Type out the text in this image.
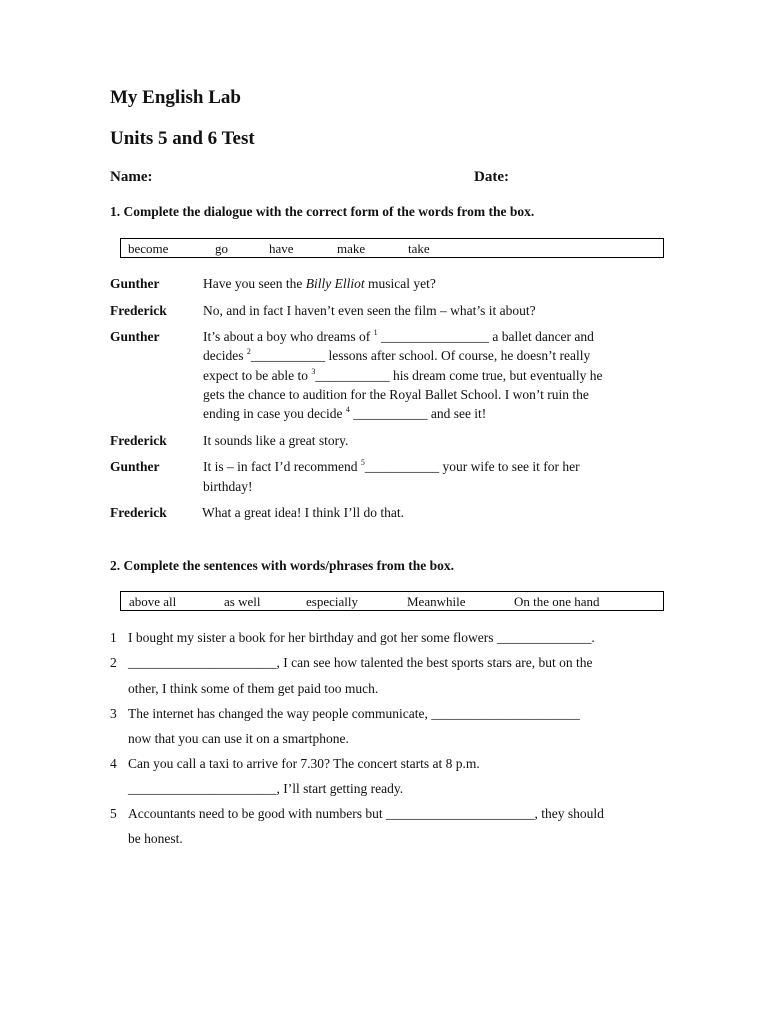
My English Lab
Units 5 and 6 Test
Name:	Date:
1. Complete the dialogue with the correct form of the words from the box.
become	go	have	make	take
Gunther	Have you seen the Billy Elliot musical yet?
Frederick	No, and in fact I haven’t even seen the film – what’s it about?
Gunther	It’s about a boy who dreams of $^1$ ________________ a ballet dancer and
decides $^2$___________ lessons after school. Of course, he doesn’t really
expect to be able to $^3$___________ his dream come true, but eventually he
gets the chance to audition for the Royal Ballet School. I won’t ruin the
ending in case you decide $^4$ ___________ and see it!
Frederick	It sounds like a great story.
Gunther	It is – in fact I’d recommend $^5$___________ your wife to see it for her
birthday!
Frederick	What a great idea! I think I’ll do that.
2. Complete the sentences with words/phrases from the box.
above all	as well	especially	Meanwhile	On the one hand
1 I bought my sister a book for her birthday and got her some flowers ______________.
2 ______________________, I can see how talented the best sports stars are, but on the
other, I think some of them get paid too much.
3 The internet has changed the way people communicate, ______________________
now that you can use it on a smartphone.
4 Can you call a taxi to arrive for 7.30? The concert starts at 8 p.m.
______________________, I’ll start getting ready.
5 Accountants need to be good with numbers but ______________________, they should
be honest.
